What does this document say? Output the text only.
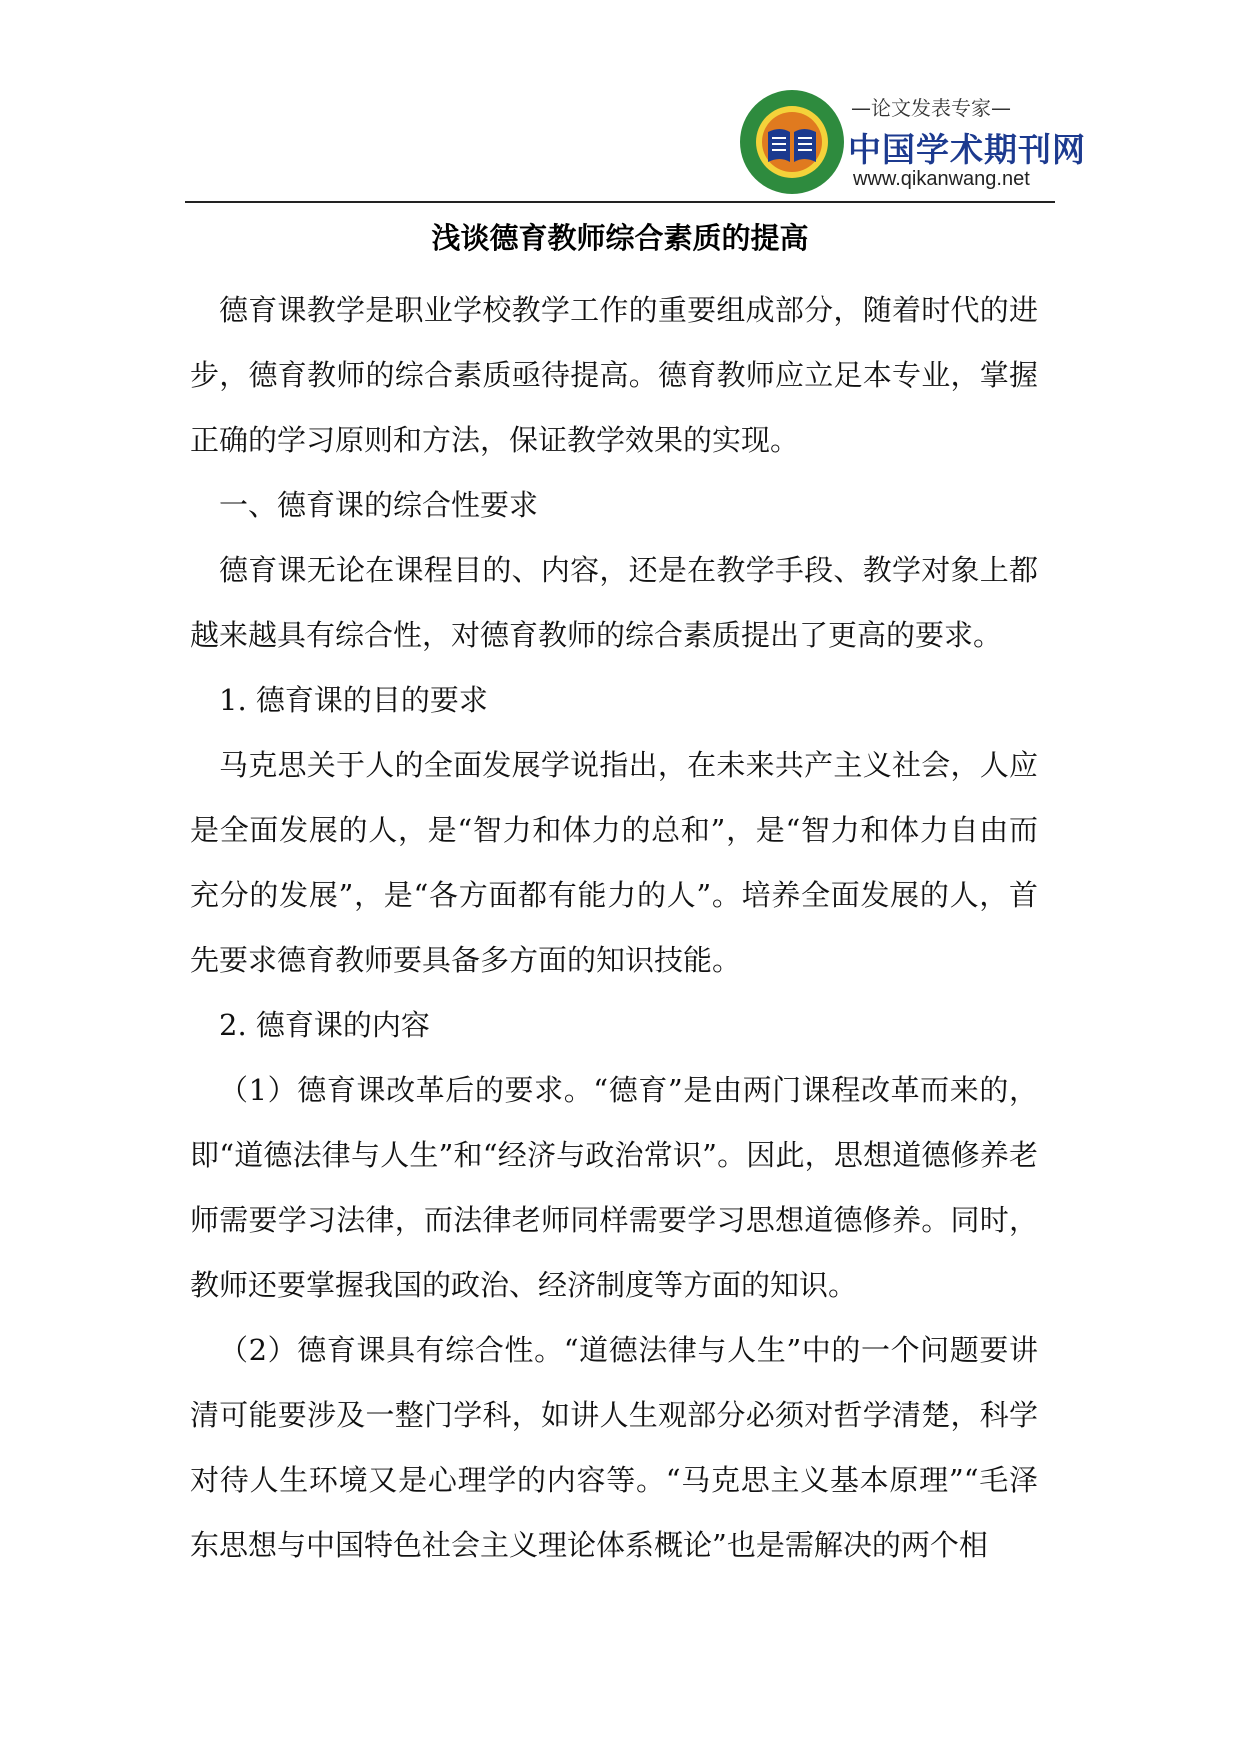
—论文发表专家—
中国学术期刊网
www.qikanwang.net
浅谈德育教师综合素质的提高

德育课教学是职业学校教学工作的重要组成部分，随着时代的进步，德育教师的综合素质亟待提高。德育教师应立足本专业，掌握正确的学习原则和方法，保证教学效果的实现。

一、德育课的综合性要求

德育课无论在课程目的、内容，还是在教学手段、教学对象上都越来越具有综合性，对德育教师的综合素质提出了更高的要求。

1. 德育课的目的要求

马克思关于人的全面发展学说指出，在未来共产主义社会，人应是全面发展的人，是“智力和体力的总和”，是“智力和体力自由而充分的发展”，是“各方面都有能力的人”。培养全面发展的人，首先要求德育教师要具备多方面的知识技能。

2. 德育课的内容

（1）德育课改革后的要求。“德育”是由两门课程改革而来的，即“道德法律与人生”和“经济与政治常识”。因此，思想道德修养老师需要学习法律，而法律老师同样需要学习思想道德修养。同时，教师还要掌握我国的政治、经济制度等方面的知识。

（2）德育课具有综合性。“道德法律与人生”中的一个问题要讲清可能要涉及一整门学科，如讲人生观部分必须对哲学清楚，科学对待人生环境又是心理学的内容等。“马克思主义基本原理”“毛泽东思想与中国特色社会主义理论体系概论”也是需解决的两个相
